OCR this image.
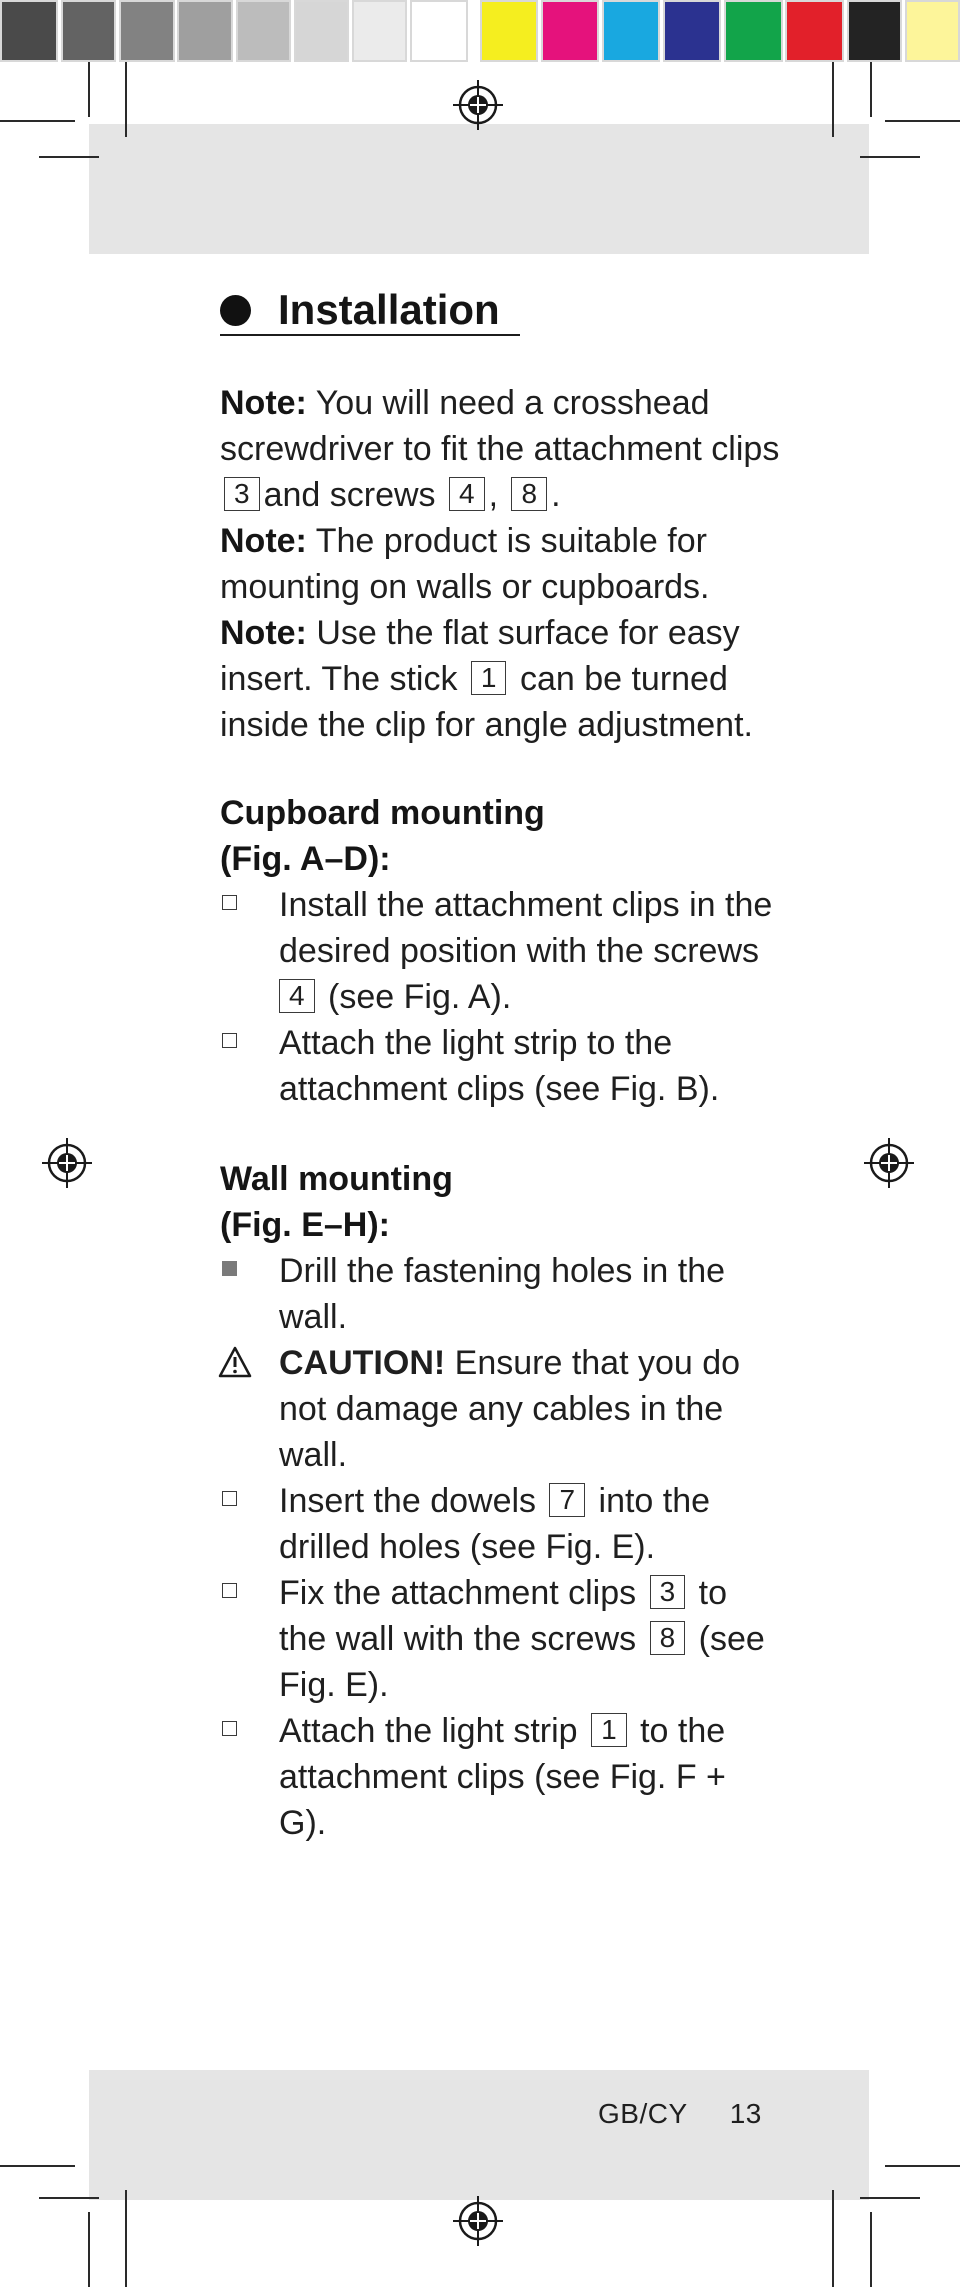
Installation
Note: You will need a crosshead screwdriver to fit the attachment clips 3 and screws 4 , 8 .
Note: The product is suitable for mounting on walls or cupboards.
Note: Use the flat surface for easy insert. The stick 1 can be turned inside the clip for angle adjustment.
Cupboard mounting
(Fig. A–D):
Install the attachment clips in the desired position with the screws 4 (see Fig. A).
Attach the light strip to the attachment clips (see Fig. B).
Wall mounting
(Fig. E–H):
Drill the fastening holes in the wall.
CAUTION! Ensure that you do not damage any cables in the wall.
Insert the dowels 7 into the drilled holes (see Fig. E).
Fix the attachment clips 3 to the wall with the screws 8 (see Fig. E).
Attach the light strip 1 to the attachment clips (see Fig. F + G).
GB/CY 13
